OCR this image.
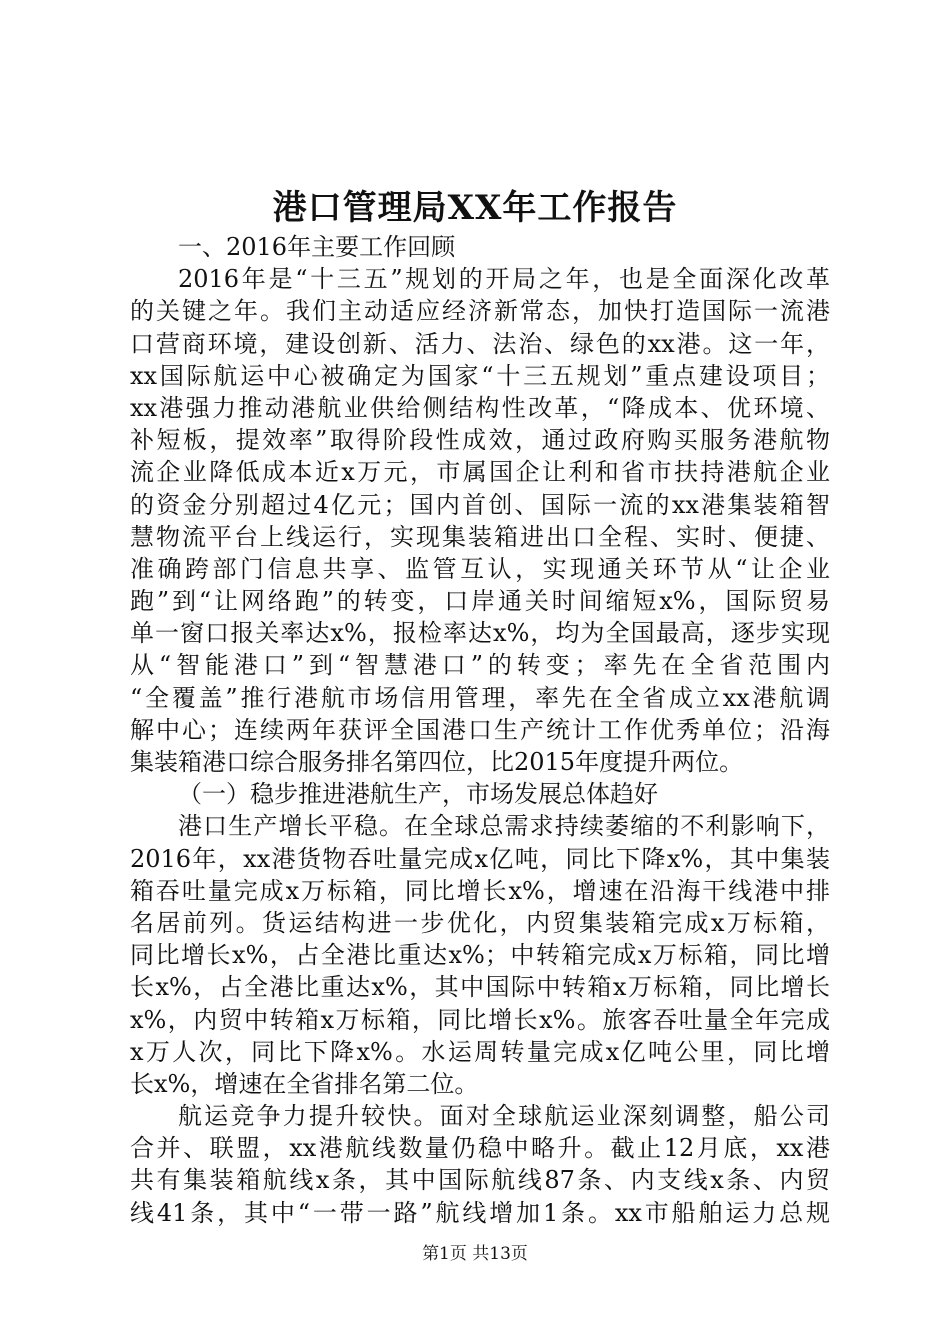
港口管理局XX年工作报告
一、2016年主要工作回顾
2016年是“十三五”规划的开局之年，也是全面深化改革
的关键之年。我们主动适应经济新常态，加快打造国际一流港
口营商环境，建设创新、活力、法治、绿色的xx港。这一年，
xx国际航运中心被确定为国家“十三五规划”重点建设项目；
xx港强力推动港航业供给侧结构性改革，“降成本、优环境、
补短板，提效率”取得阶段性成效，通过政府购买服务港航物
流企业降低成本近x万元，市属国企让利和省市扶持港航企业
的资金分别超过4亿元；国内首创、国际一流的xx港集装箱智
慧物流平台上线运行，实现集装箱进出口全程、实时、便捷、
准确跨部门信息共享、监管互认，实现通关环节从“让企业
跑”到“让网络跑”的转变，口岸通关时间缩短x%，国际贸易
单一窗口报关率达x%，报检率达x%，均为全国最高，逐步实现
从“智能港口”到“智慧港口”的转变；率先在全省范围内
“全覆盖”推行港航市场信用管理，率先在全省成立xx港航调
解中心；连续两年获评全国港口生产统计工作优秀单位；沿海
集装箱港口综合服务排名第四位，比2015年度提升两位。
（一）稳步推进港航生产，市场发展总体趋好
港口生产增长平稳。在全球总需求持续萎缩的不利影响下，
2016年，xx港货物吞吐量完成x亿吨，同比下降x%，其中集装
箱吞吐量完成x万标箱，同比增长x%，增速在沿海干线港中排
名居前列。货运结构进一步优化，内贸集装箱完成x万标箱，
同比增长x%，占全港比重达x%；中转箱完成x万标箱，同比增
长x%，占全港比重达x%，其中国际中转箱x万标箱，同比增长
x%，内贸中转箱x万标箱，同比增长x%。旅客吞吐量全年完成
x万人次，同比下降x%。水运周转量完成x亿吨公里，同比增
长x%，增速在全省排名第二位。
航运竞争力提升较快。面对全球航运业深刻调整，船公司
合并、联盟，xx港航线数量仍稳中略升。截止12月底，xx港
共有集装箱航线x条，其中国际航线87条、内支线x条、内贸
线41条，其中“一带一路”航线增加1条。xx市船舶运力总规
第1页 共13页
